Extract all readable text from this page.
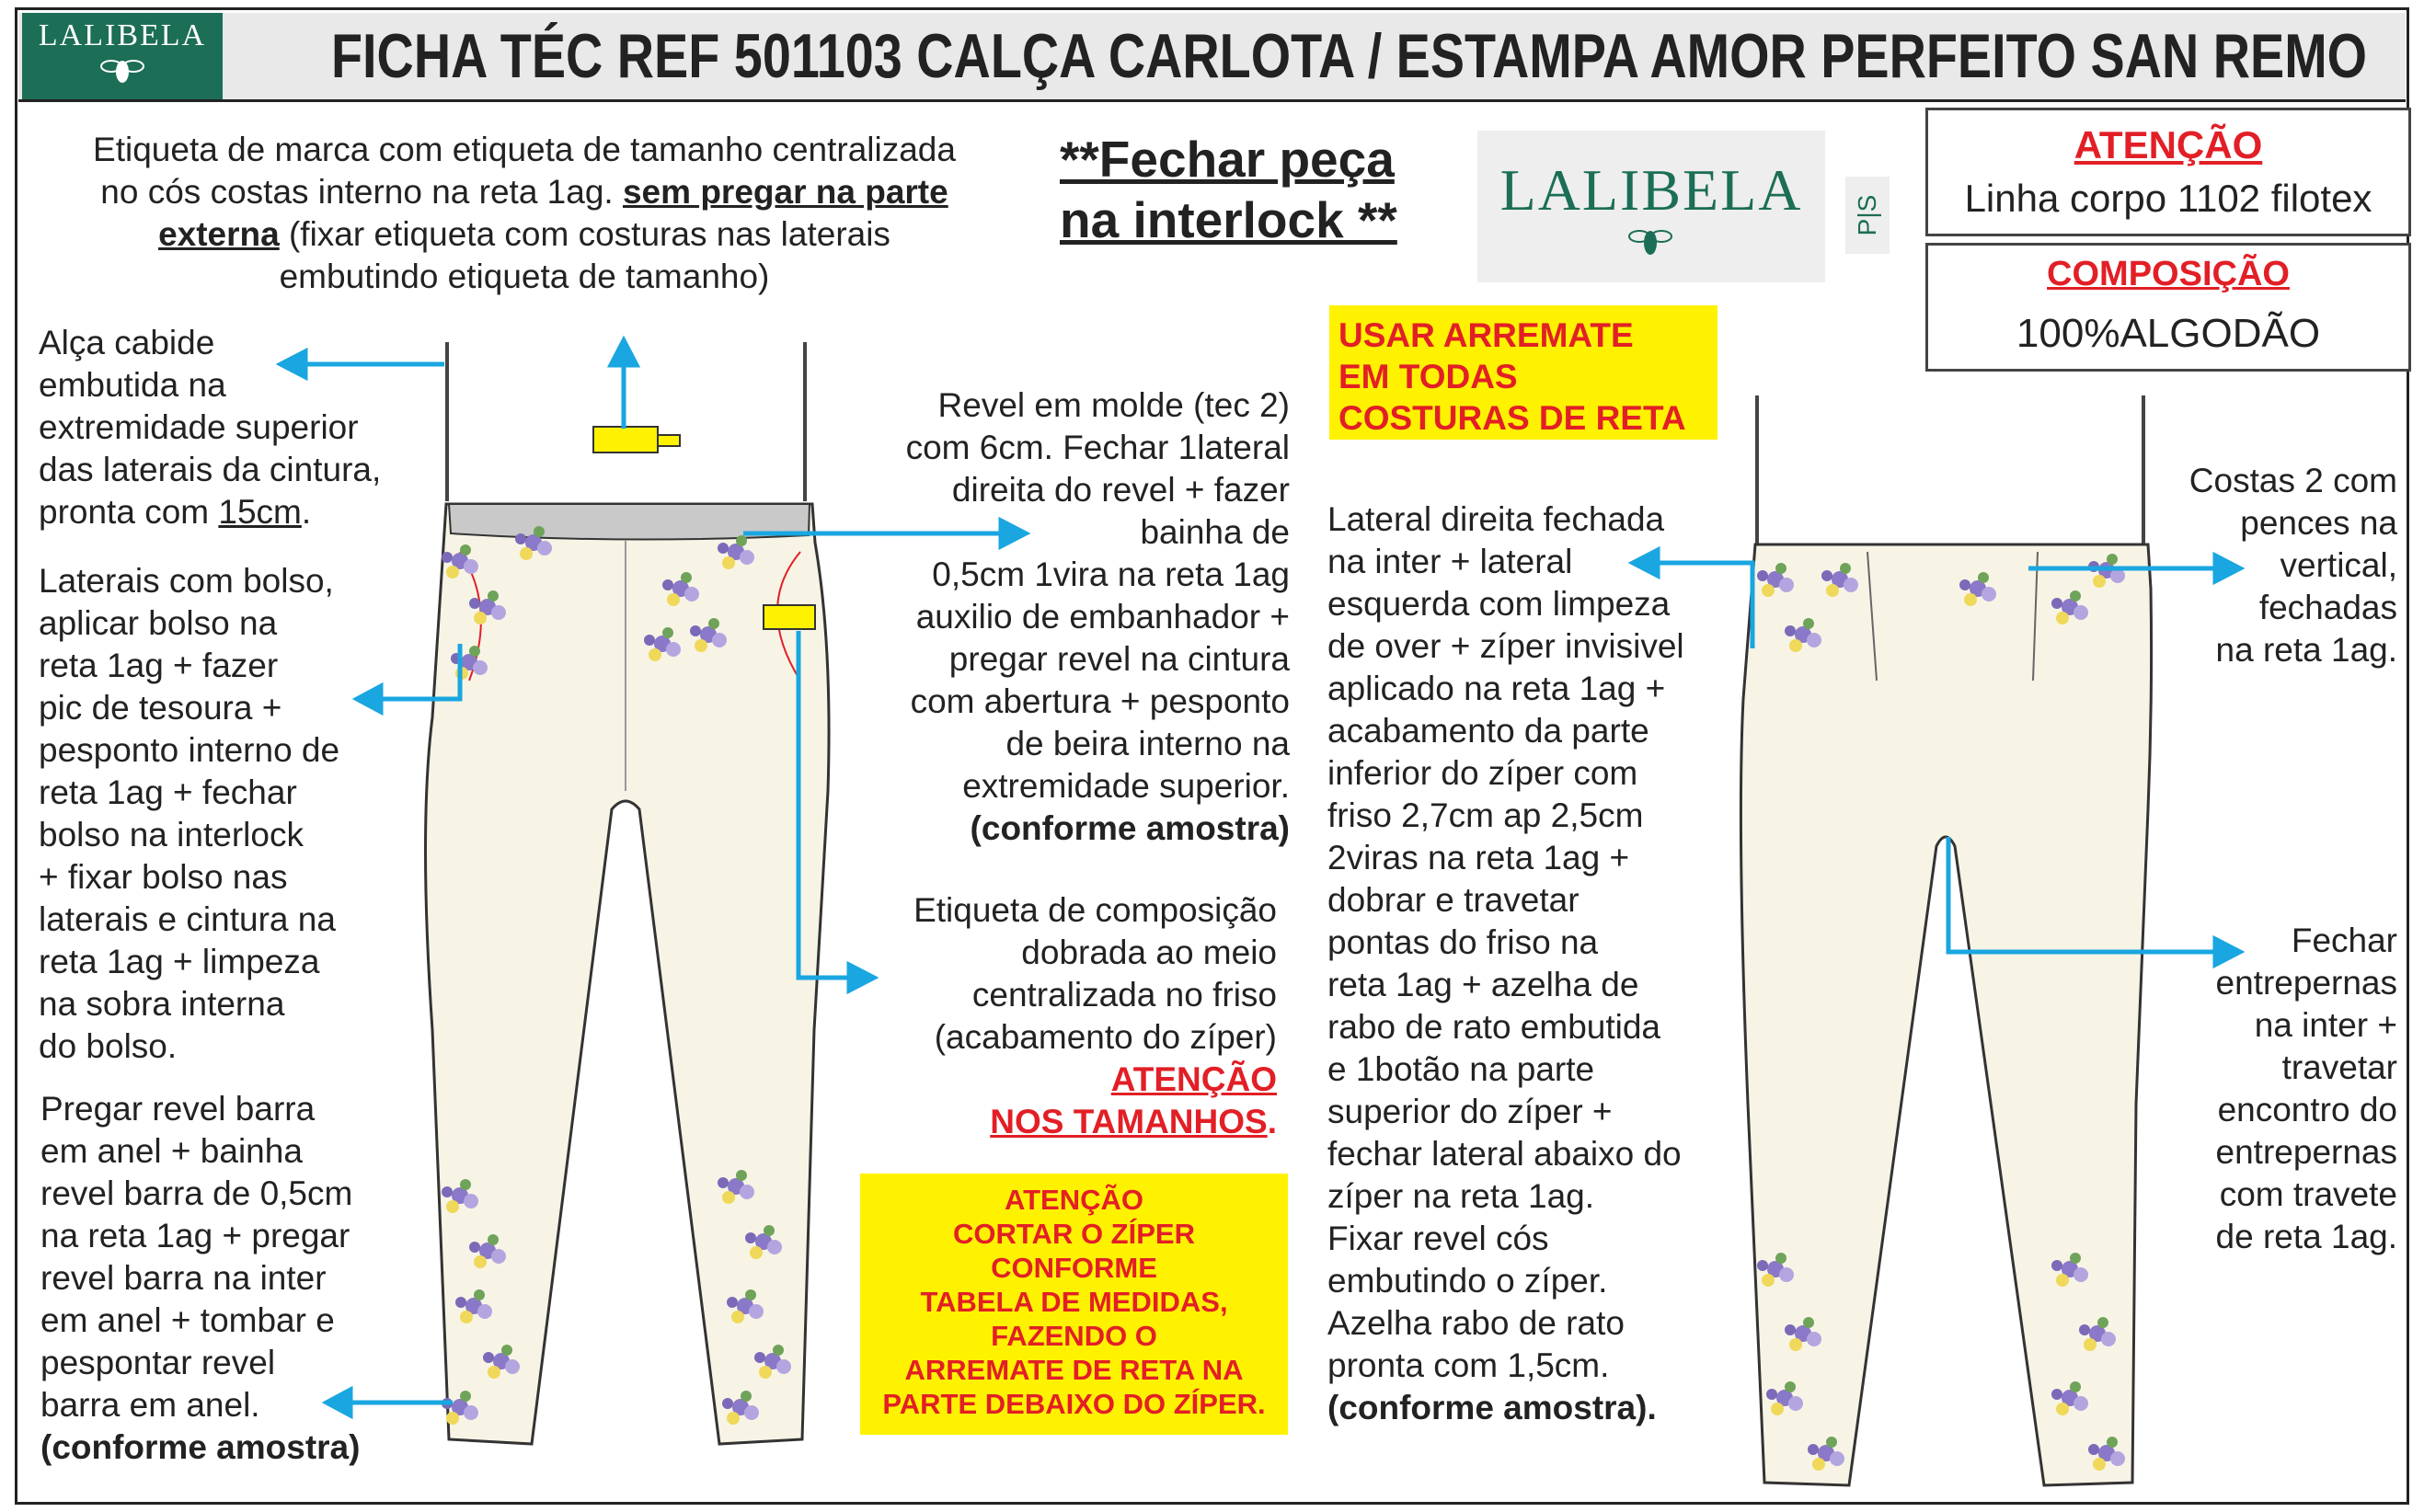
LALIBELA FICHA TÉC REF 501103 CALÇA CARLOTA / ESTAMPA AMOR PERFEITO SAN REMO
Etiqueta de marca com etiqueta de tamanho centralizada
no cós costas interno na reta 1ag. sem pregar na parte
externa (fixar etiqueta com costuras nas laterais
embutindo etiqueta de tamanho)
**Fechar peça
na interlock **	LALIBELA	P|S
ATENÇÃO
Linha corpo 1102 filotex
COMPOSIÇÃO
100%ALGODÃO
USAR ARREMATE
EM TODAS
COSTURAS DE RETA
Alça cabide
embutida na
extremidade superior
das laterais da cintura,
pronta com 15cm.
Laterais com bolso,
aplicar bolso na
reta 1ag + fazer
pic de tesoura +
pesponto interno de
reta 1ag + fechar
bolso na interlock
+ fixar bolso nas
laterais e cintura na
reta 1ag + limpeza
na sobra interna
do bolso.
Pregar revel barra
em anel + bainha
revel barra de 0,5cm
na reta 1ag + pregar
revel barra na inter
em anel + tombar e
pespontar revel
barra em anel.
(conforme amostra)
Revel em molde (tec 2)
com 6cm. Fechar 1lateral
direita do revel + fazer
bainha de
0,5cm 1vira na reta 1ag
auxilio de embanhador +
pregar revel na cintura
com abertura + pesponto
de beira interno na
extremidade superior.
(conforme amostra)
Etiqueta de composição
dobrada ao meio
centralizada no friso
(acabamento do zíper)
ATENÇÃO
NOS TAMANHOS.
ATENÇÃO
CORTAR O ZÍPER
CONFORME
TABELA DE MEDIDAS,
FAZENDO O
ARREMATE DE RETA NA
PARTE DEBAIXO DO ZÍPER.
Lateral direita fechada
na inter + lateral
esquerda com limpeza
de over + zíper invisivel
aplicado na reta 1ag +
acabamento da parte
inferior do zíper com
friso 2,7cm ap 2,5cm
2viras na reta 1ag +
dobrar e travetar
pontas do friso na
reta 1ag + azelha de
rabo de rato embutida
e 1botão na parte
superior do zíper +
fechar lateral abaixo do
zíper na reta 1ag.
Fixar revel cós
embutindo o zíper.
Azelha rabo de rato
pronta com 1,5cm.
(conforme amostra).
Costas 2 com
pences na
vertical,
fechadas
na reta 1ag.
Fechar
entrepernas
na inter +
travetar
encontro do
entrepernas
com travete
de reta 1ag.
